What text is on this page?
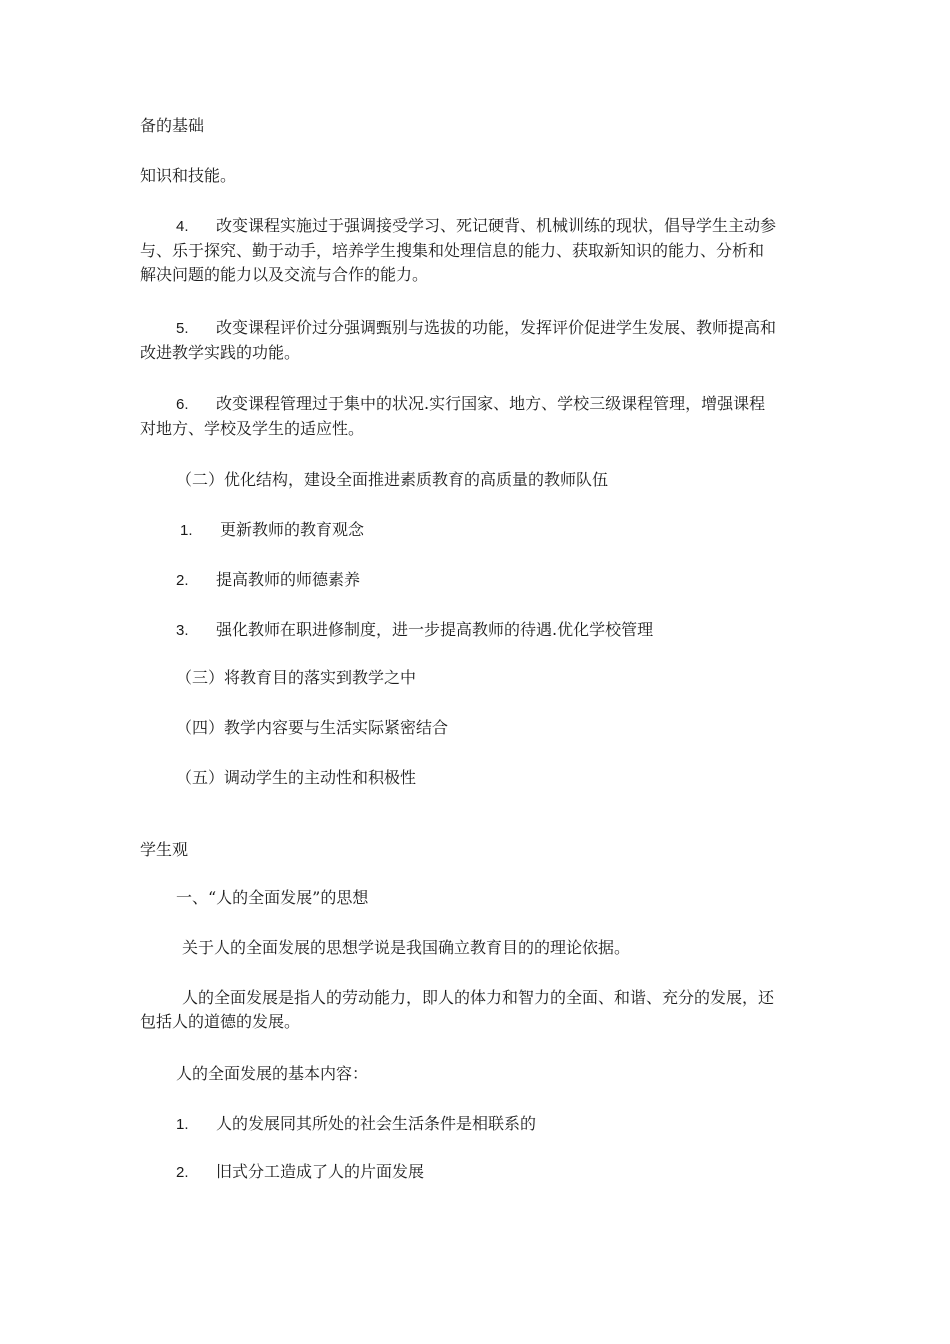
备的基础
知识和技能。
4. 改变课程实施过于强调接受学习、死记硬背、机械训练的现状，倡导学生主动参
与、乐于探究、勤于动手，培养学生搜集和处理信息的能力、获取新知识的能力、分析和
解决问题的能力以及交流与合作的能力。
5. 改变课程评价过分强调甄别与选拔的功能，发挥评价促进学生发展、教师提高和
改进教学实践的功能。
6. 改变课程管理过于集中的状况.实行国家、地方、学校三级课程管理，增强课程
对地方、学校及学生的适应性。
（二）优化结构，建设全面推进素质教育的高质量的教师队伍
1. 更新教师的教育观念
2. 提高教师的师德素养
3. 强化教师在职进修制度，进一步提高教师的待遇.优化学校管理
（三）将教育目的落实到教学之中
（四）教学内容要与生活实际紧密结合
（五）调动学生的主动性和积极性
学生观
一、“人的全面发展”的思想
关于人的全面发展的思想学说是我国确立教育目的的理论依据。
人的全面发展是指人的劳动能力，即人的体力和智力的全面、和谐、充分的发展，还
包括人的道德的发展。
人的全面发展的基本内容：
1. 人的发展同其所处的社会生活条件是相联系的
2. 旧式分工造成了人的片面发展
